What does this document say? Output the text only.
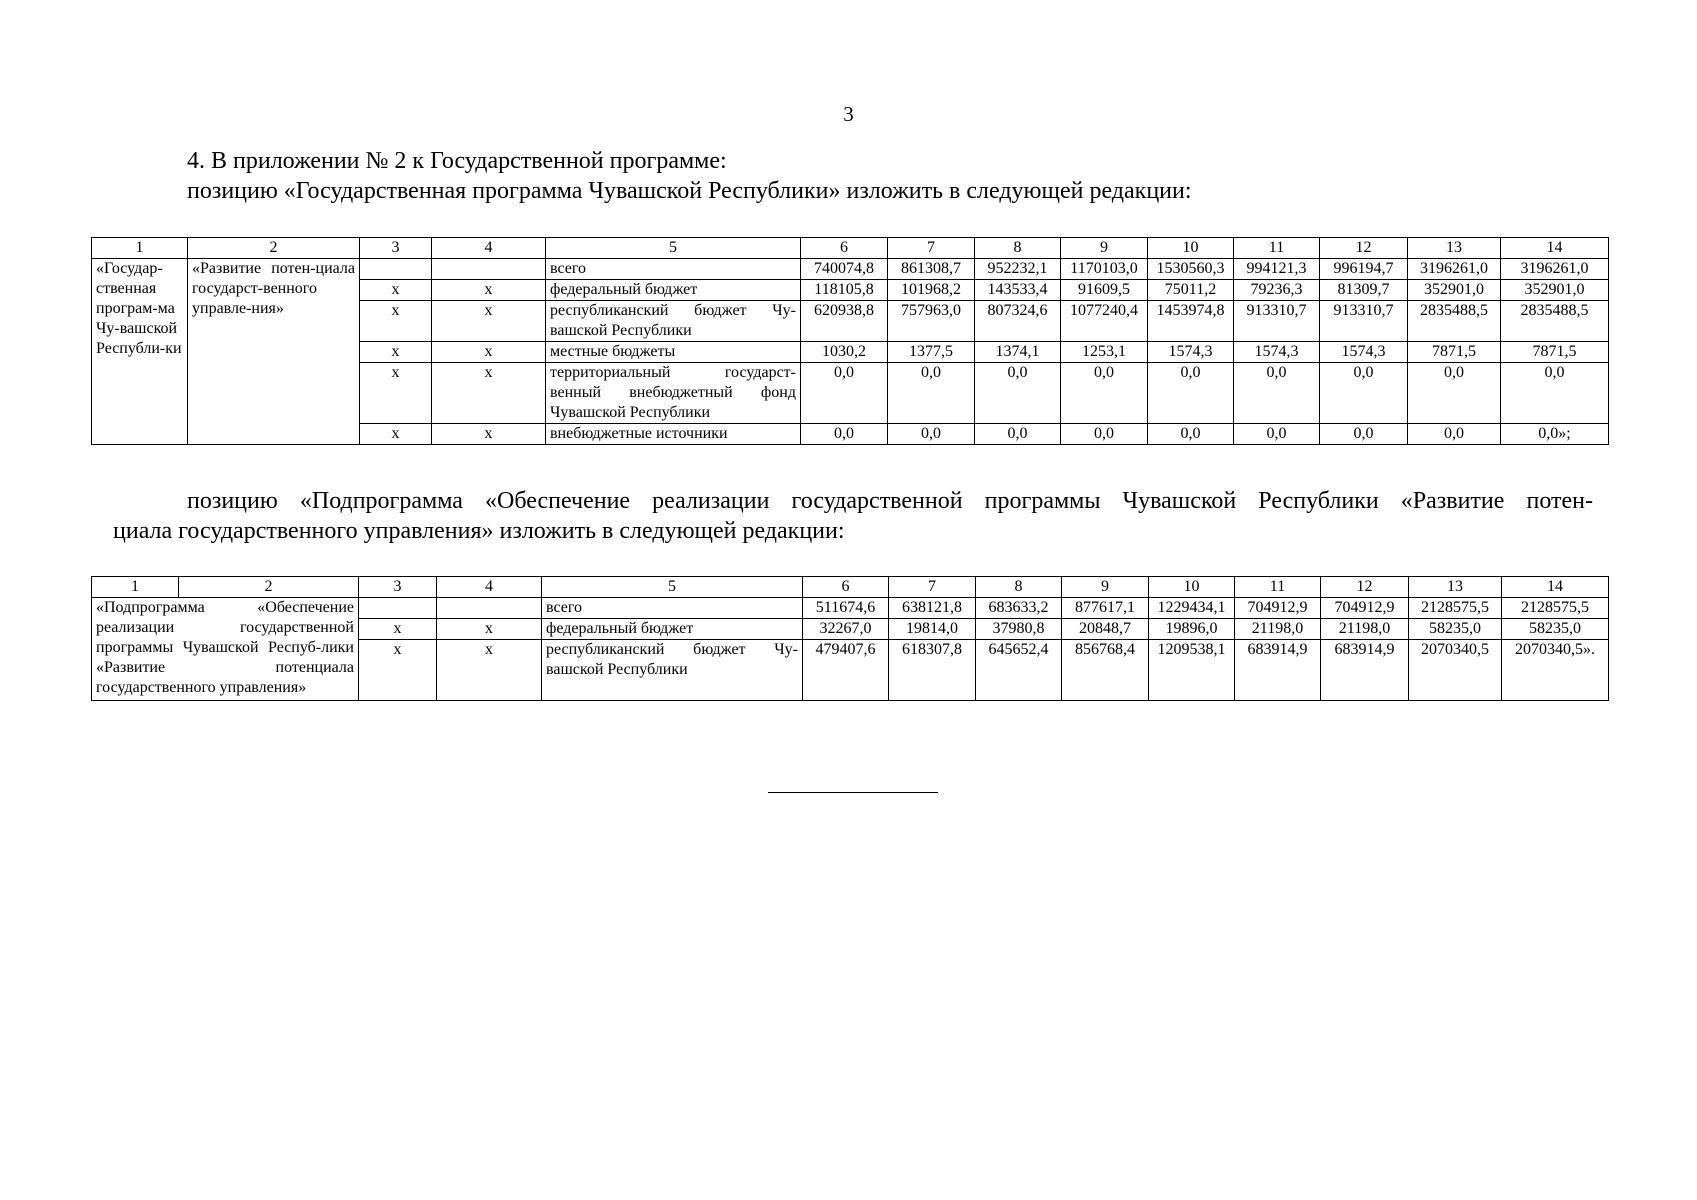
3
4. В приложении № 2 к Государственной программе:
позицию «Государственная программа Чувашской Республики» изложить в следующей редакции:
1	2	3	4	5	6	7	8	9	10	11	12	13	14
«Государ-ственная програм-ма Чу-вашской Республи-ки	«Развитие потен-циала государст-венного управле-ния»			всего	740074,8	861308,7	952232,1	1170103,0	1530560,3	994121,3	996194,7	3196261,0	3196261,0
		х	х	федеральный бюджет	118105,8	101968,2	143533,4	91609,5	75011,2	79236,3	81309,7	352901,0	352901,0
		х	х	республиканский бюджет Чу-вашской Республики	620938,8	757963,0	807324,6	1077240,4	1453974,8	913310,7	913310,7	2835488,5	2835488,5
		х	х	местные бюджеты	1030,2	1377,5	1374,1	1253,1	1574,3	1574,3	1574,3	7871,5	7871,5
		х	х	территориальный государст-венный внебюджетный фонд Чувашской Республики	0,0	0,0	0,0	0,0	0,0	0,0	0,0	0,0	0,0
		х	х	внебюджетные источники	0,0	0,0	0,0	0,0	0,0	0,0	0,0	0,0	0,0»;
позицию «Подпрограмма «Обеспечение реализации государственной программы Чувашской Республики «Развитие потен-
циала государственного управления» изложить в следующей редакции:
1	2	3	4	5	6	7	8	9	10	11	12	13	14
«Подпрограмма «Обеспечение реализации государственной программы Чувашской Респуб-лики «Развитие потенциала государственного управления»				всего	511674,6	638121,8	683633,2	877617,1	1229434,1	704912,9	704912,9	2128575,5	2128575,5
		х	х	федеральный бюджет	32267,0	19814,0	37980,8	20848,7	19896,0	21198,0	21198,0	58235,0	58235,0
		х	х	республиканский бюджет Чу-вашской Республики	479407,6	618307,8	645652,4	856768,4	1209538,1	683914,9	683914,9	2070340,5	2070340,5».
